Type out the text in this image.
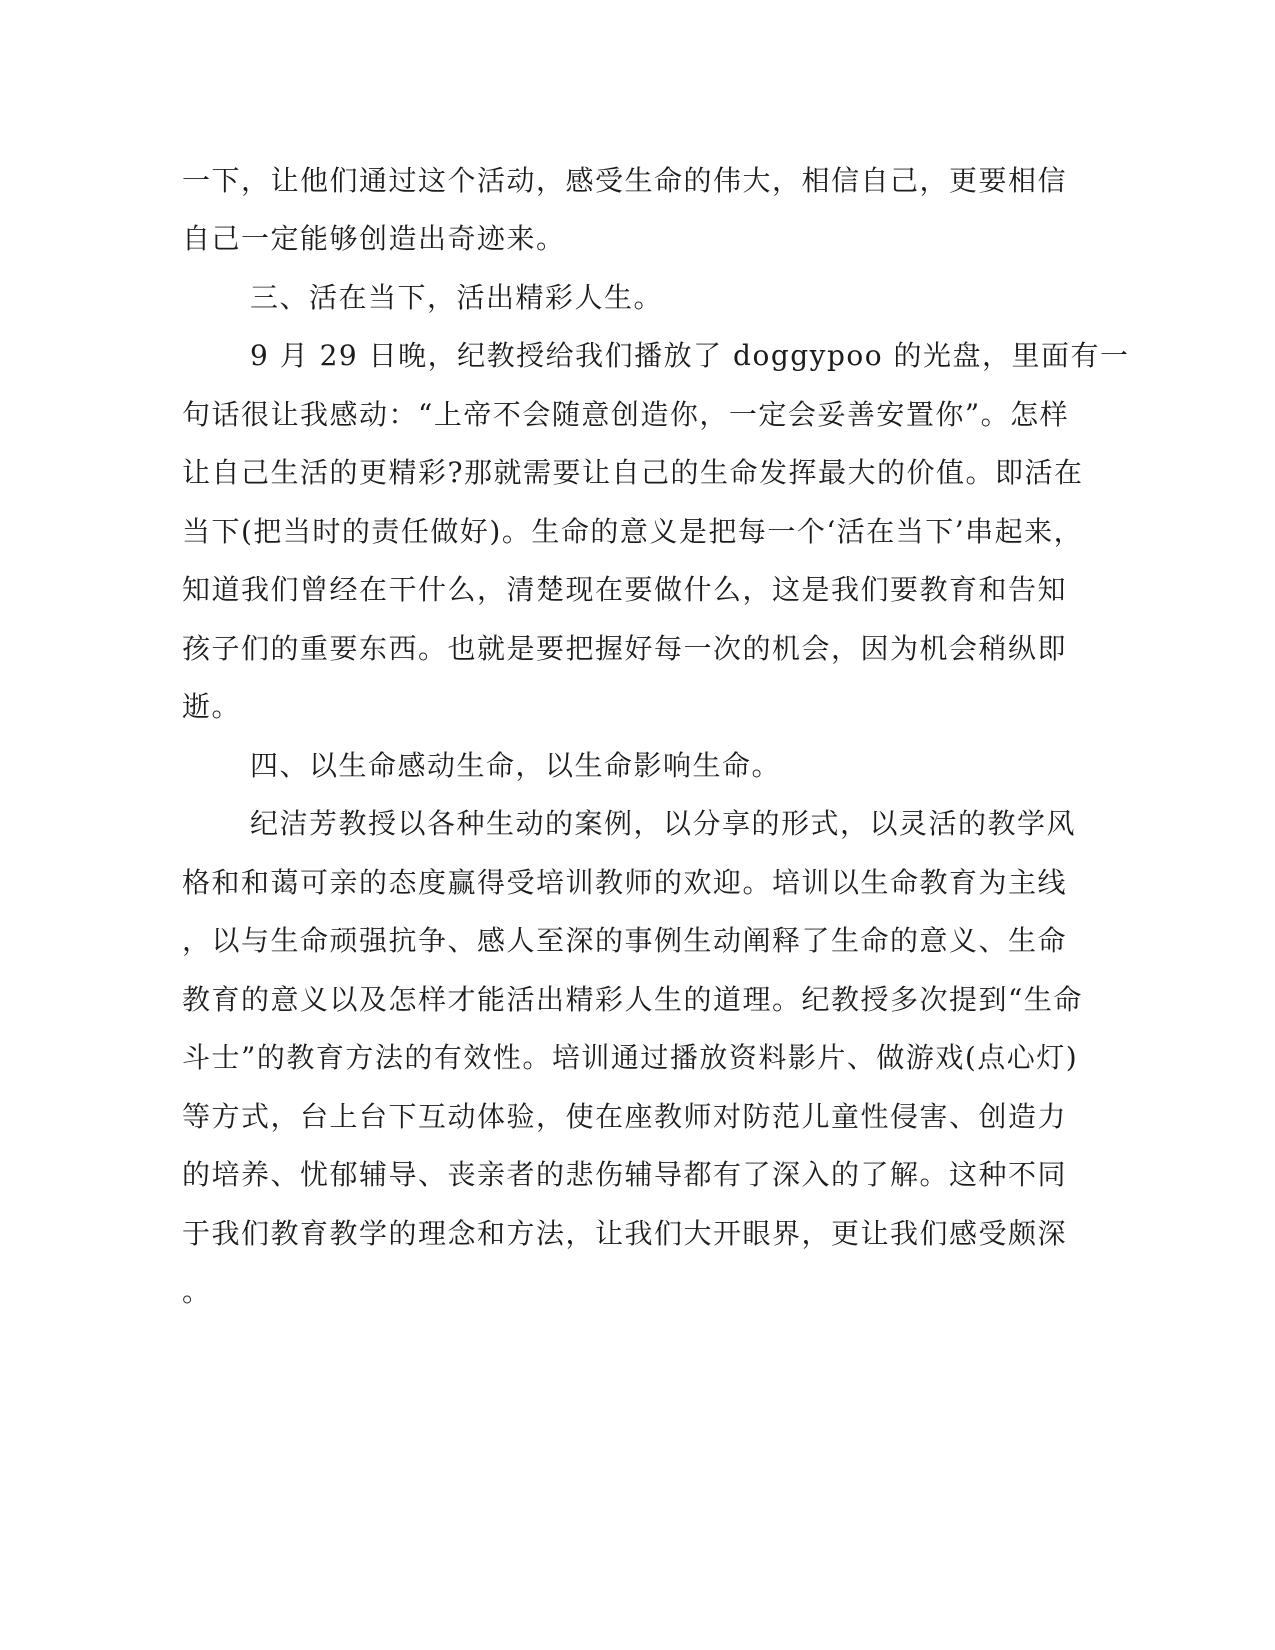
一下，让他们通过这个活动，感受生命的伟大，相信自己，更要相信
自己一定能够创造出奇迹来。
三、活在当下，活出精彩人生。
9 月 29 日晚，纪教授给我们播放了 doggypoo 的光盘，里面有一
句话很让我感动：“上帝不会随意创造你，一定会妥善安置你”。怎样
让自己生活的更精彩?那就需要让自己的生命发挥最大的价值。即活在
当下(把当时的责任做好)。生命的意义是把每一个‘活在当下’串起来，
知道我们曾经在干什么，清楚现在要做什么，这是我们要教育和告知
孩子们的重要东西。也就是要把握好每一次的机会，因为机会稍纵即
逝。
四、以生命感动生命，以生命影响生命。
纪洁芳教授以各种生动的案例，以分享的形式，以灵活的教学风
格和和蔼可亲的态度赢得受培训教师的欢迎。培训以生命教育为主线
，以与生命顽强抗争、感人至深的事例生动阐释了生命的意义、生命
教育的意义以及怎样才能活出精彩人生的道理。纪教授多次提到“生命
斗士”的教育方法的有效性。培训通过播放资料影片、做游戏(点心灯)
等方式，台上台下互动体验，使在座教师对防范儿童性侵害、创造力
的培养、忧郁辅导、丧亲者的悲伤辅导都有了深入的了解。这种不同
于我们教育教学的理念和方法，让我们大开眼界，更让我们感受颇深
。
